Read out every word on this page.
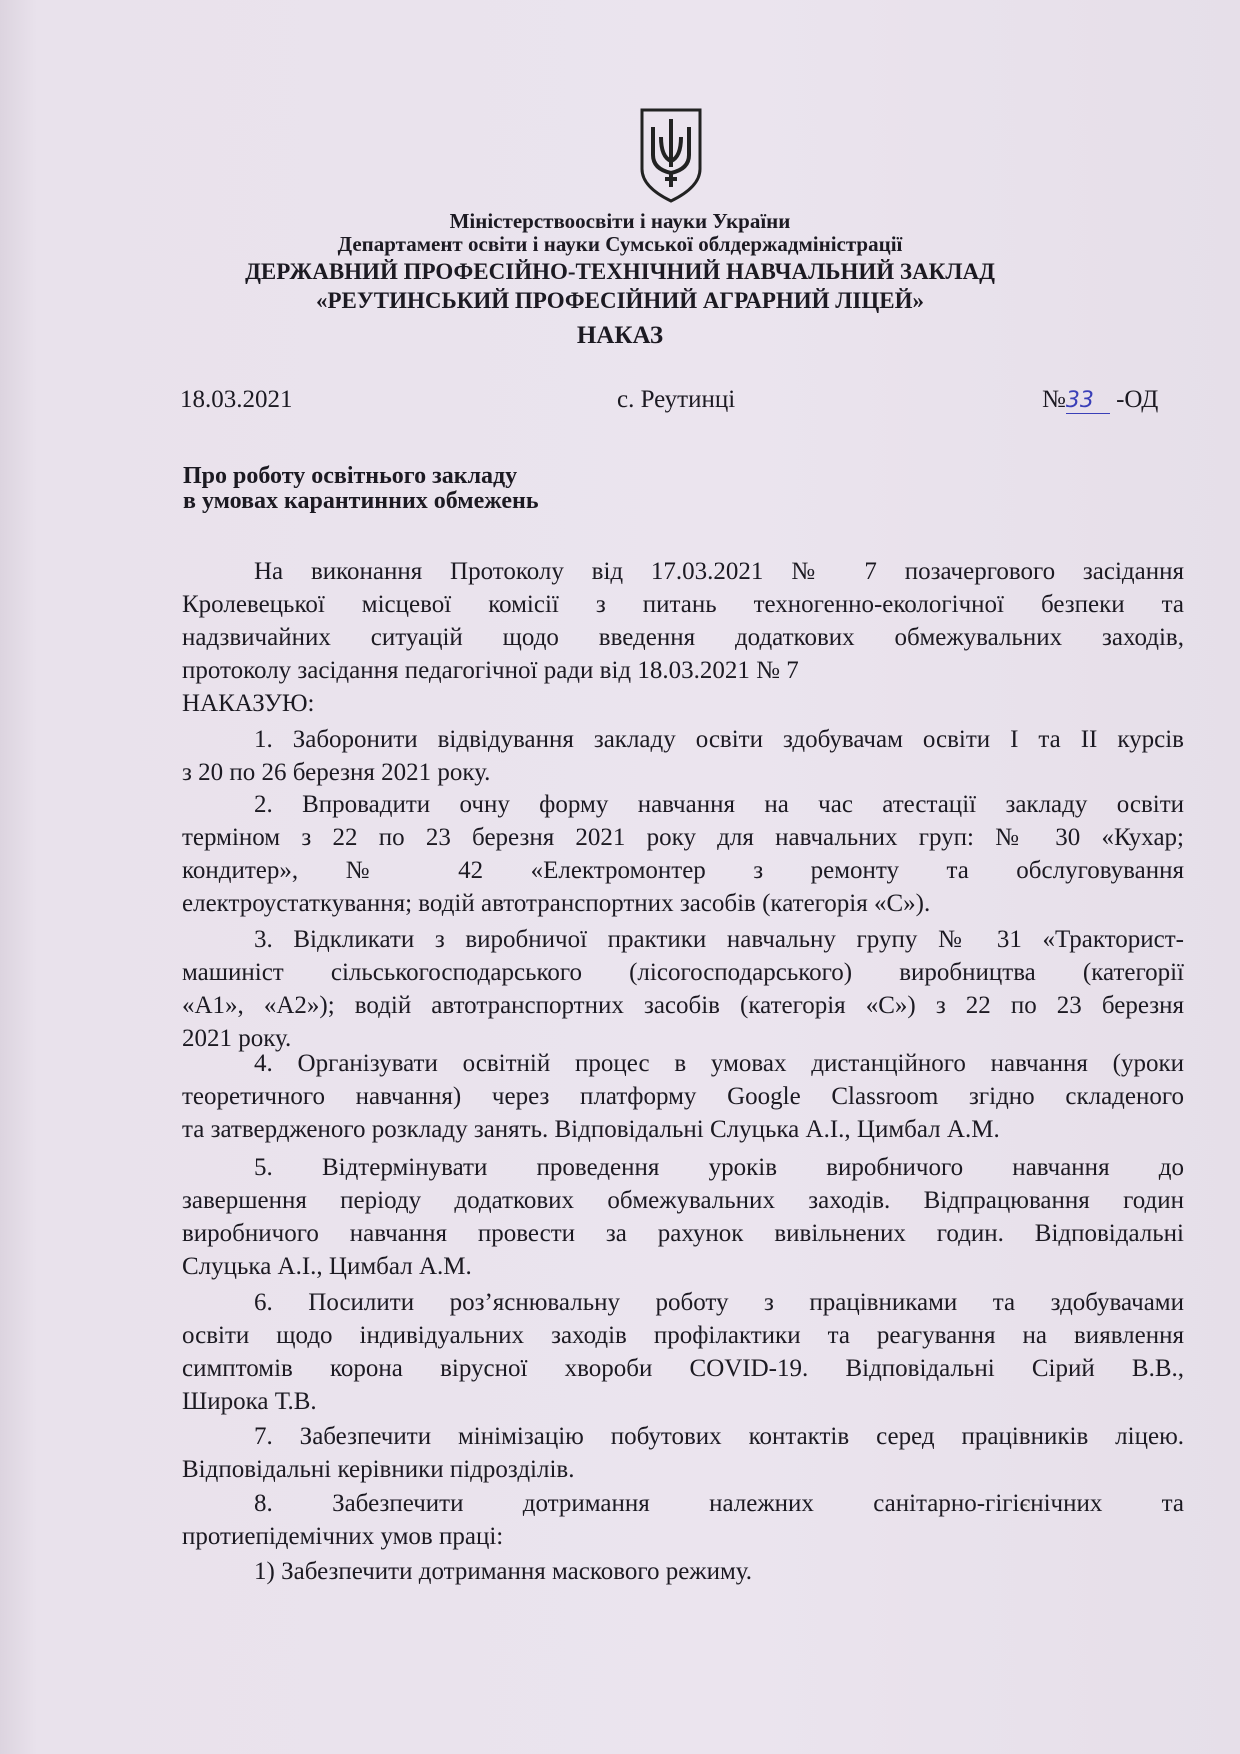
Міністерствоосвіти і науки України
Департамент освіти і науки Сумської облдержадміністрації
ДЕРЖАВНИЙ ПРОФЕСІЙНО-ТЕХНІЧНИЙ НАВЧАЛЬНИЙ ЗАКЛАД
«РЕУТИНСЬКИЙ ПРОФЕСІЙНИЙ АГРАРНИЙ ЛІЦЕЙ»
НАКАЗ
18.03.2021	с. Реутинці	№33 -ОД
Про роботу освітнього закладу
в умовах карантинних обмежень
На виконання Протоколу від 17.03.2021 № 7 позачергового засідання
Кролевецької місцевої комісії з питань техногенно-екологічної безпеки та
надзвичайних ситуацій щодо введення додаткових обмежувальних заходів,
протоколу засідання педагогічної ради від 18.03.2021 № 7
НАКАЗУЮ:
1. Заборонити відвідування закладу освіти здобувачам освіти І та ІІ курсів
з 20 по 26 березня 2021 року.
2. Впровадити очну форму навчання на час атестації закладу освіти
терміном з 22 по 23 березня 2021 року для навчальних груп: № 30 «Кухар;
кондитер», № 42 «Електромонтер з ремонту та обслуговування
електроустаткування; водій автотранспортних засобів (категорія «С»).
3. Відкликати з виробничої практики навчальну групу № 31 «Тракторист-
машиніст сільськогосподарського (лісогосподарського) виробництва (категорії
«А1», «А2»); водій автотранспортних засобів (категорія «С») з 22 по 23 березня
2021 року.
4. Організувати освітній процес в умовах дистанційного навчання (уроки
теоретичного навчання) через платформу Google Classroom згідно складеного
та затвердженого розкладу занять. Відповідальні Слуцька А.І., Цимбал А.М.
5. Відтермінувати проведення уроків виробничого навчання до
завершення періоду додаткових обмежувальних заходів. Відпрацювання годин
виробничого навчання провести за рахунок вивільнених годин. Відповідальні
Слуцька А.І., Цимбал А.М.
6. Посилити роз’яснювальну роботу з працівниками та здобувачами
освіти щодо індивідуальних заходів профілактики та реагування на виявлення
симптомів корона вірусної хвороби COVID-19. Відповідальні Сірий В.В.,
Широка Т.В.
7. Забезпечити мінімізацію побутових контактів серед працівників ліцею.
Відповідальні керівники підрозділів.
8. Забезпечити дотримання належних санітарно-гігієнічних та
протиепідемічних умов праці:
1) Забезпечити дотримання маскового режиму.
